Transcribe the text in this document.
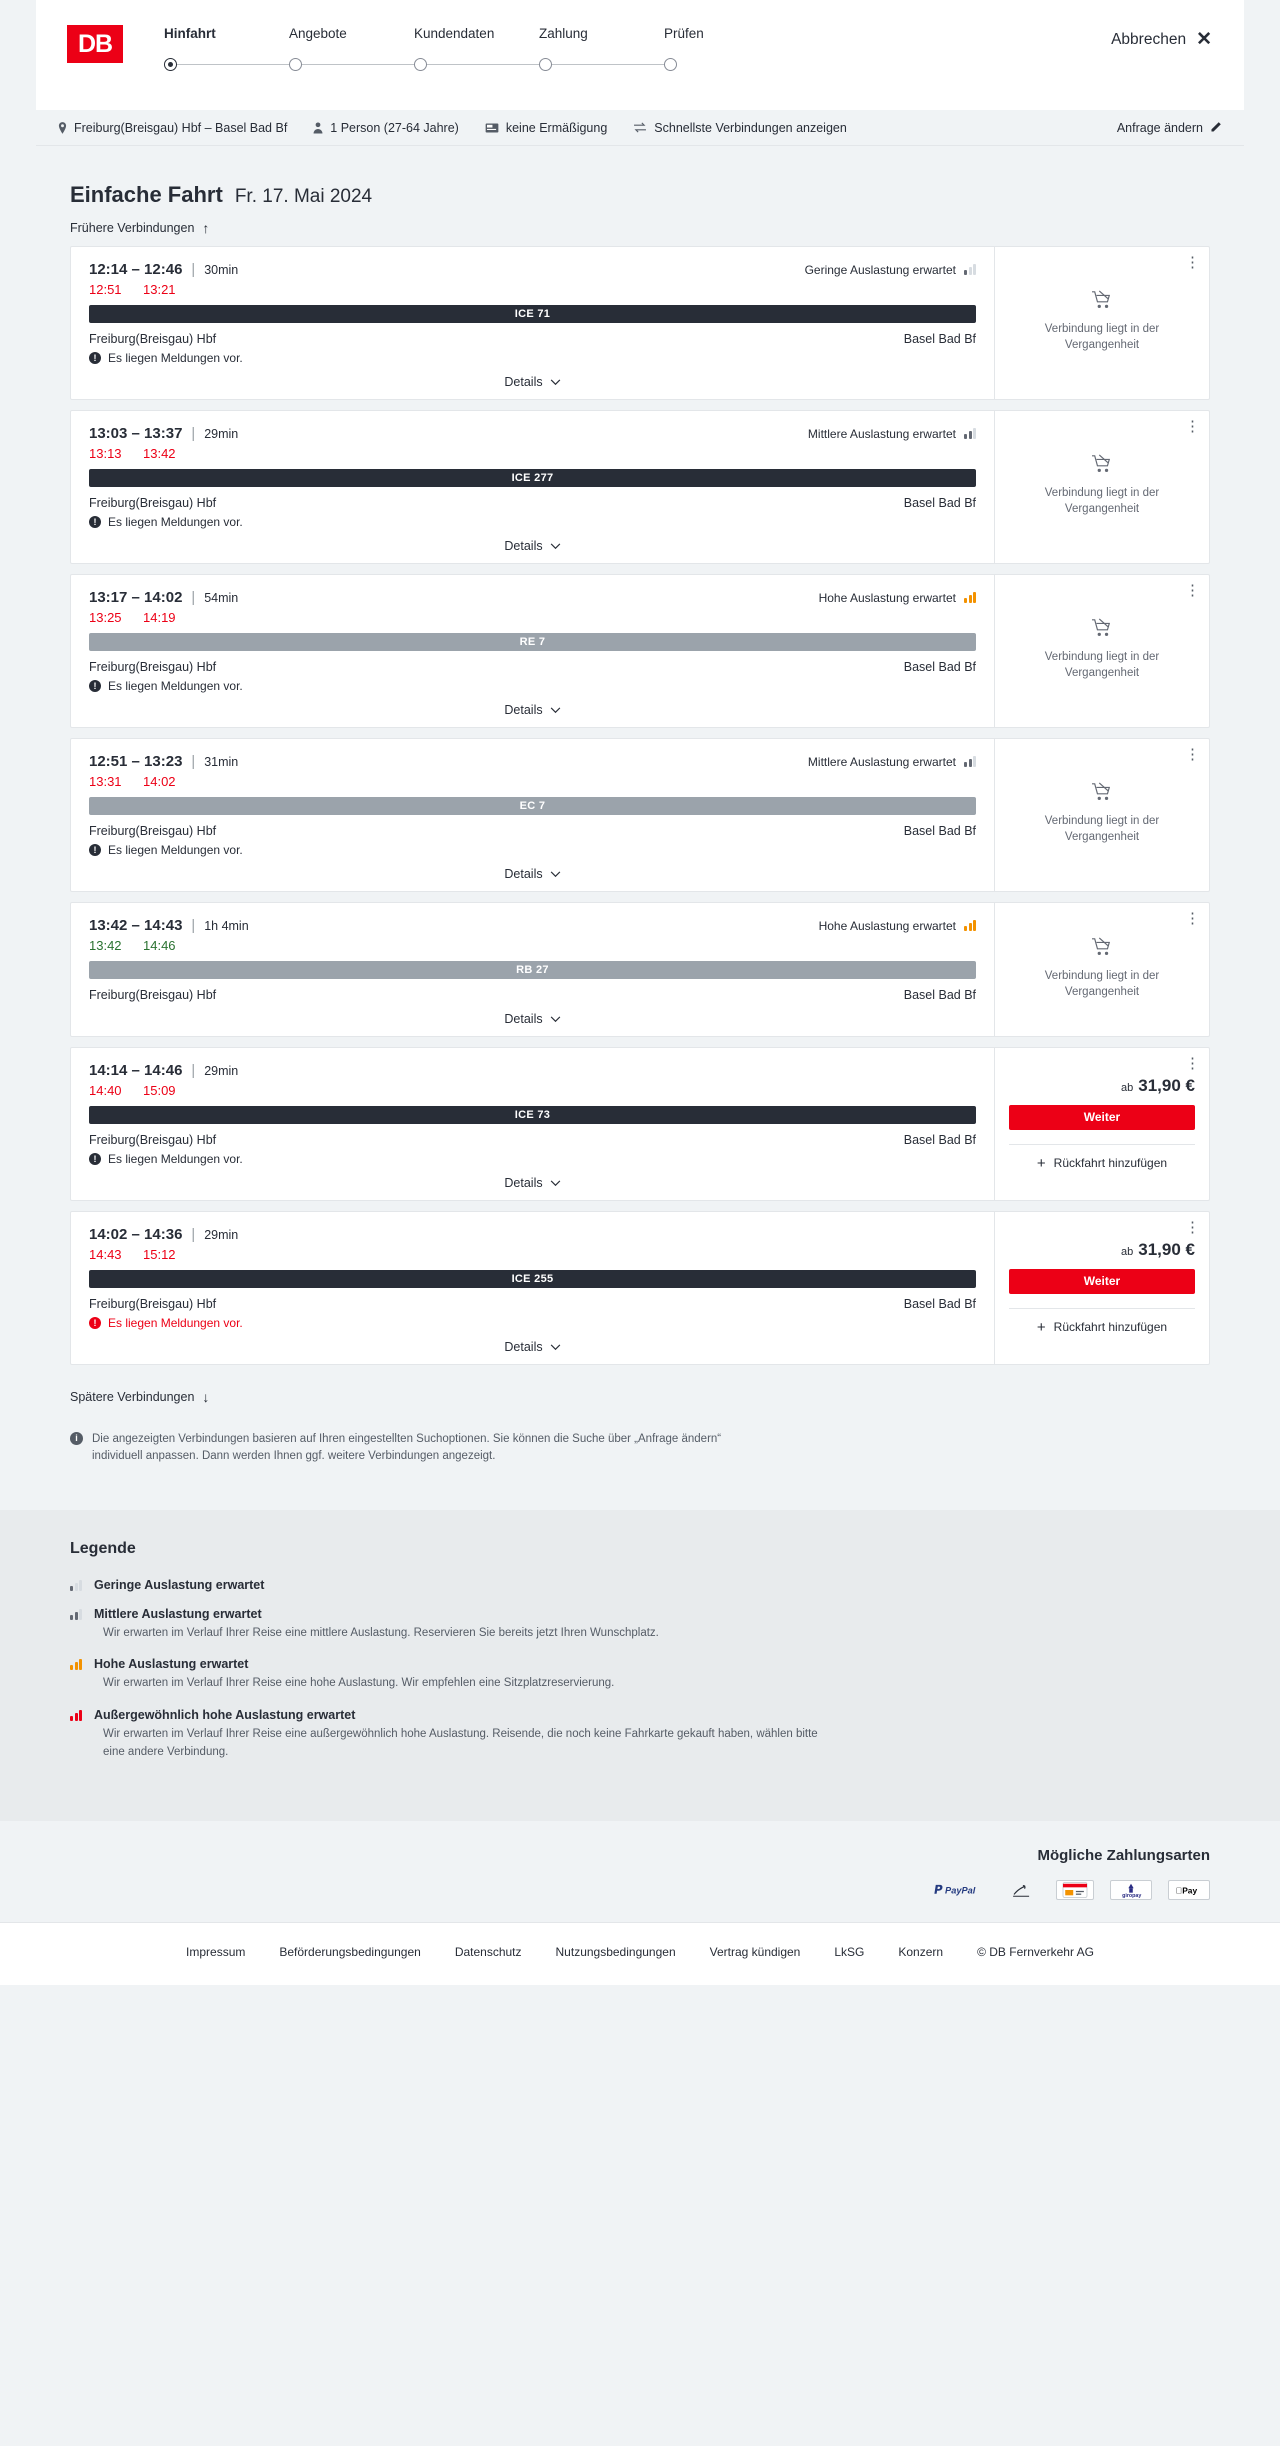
DB	Hinfahrt	Angebote	Kundendaten	Zahlung	Prüfen	Abbrechen ✕
Freiburg(Breisgau) Hbf – Basel Bad Bf	1 Person (27-64 Jahre)	keine Ermäßigung	Schnellste Verbindungen anzeigen	Anfrage ändern
Einfache Fahrt Fr. 17. Mai 2024
Frühere Verbindungen ↑
12:14 – 12:46 | 30min	Geringe Auslastung erwartet
12:51 13:21
ICE 71
Freiburg(Breisgau) Hbf	Basel Bad Bf
! Es liegen Meldungen vor.
Details
⋮
Verbindung liegt in der Vergangenheit
13:03 – 13:37 | 29min	Mittlere Auslastung erwartet
13:13 13:42
ICE 277
Freiburg(Breisgau) Hbf	Basel Bad Bf
! Es liegen Meldungen vor.
Details
⋮
Verbindung liegt in der Vergangenheit
13:17 – 14:02 | 54min	Hohe Auslastung erwartet
13:25 14:19
RE 7
Freiburg(Breisgau) Hbf	Basel Bad Bf
! Es liegen Meldungen vor.
Details
⋮
Verbindung liegt in der Vergangenheit
12:51 – 13:23 | 31min	Mittlere Auslastung erwartet
13:31 14:02
EC 7
Freiburg(Breisgau) Hbf	Basel Bad Bf
! Es liegen Meldungen vor.
Details
⋮
Verbindung liegt in der Vergangenheit
13:42 – 14:43 | 1h 4min	Hohe Auslastung erwartet
13:42 14:46
RB 27
Freiburg(Breisgau) Hbf	Basel Bad Bf
Details
⋮
Verbindung liegt in der Vergangenheit
14:14 – 14:46 | 29min
14:40 15:09
ICE 73
Freiburg(Breisgau) Hbf	Basel Bad Bf
! Es liegen Meldungen vor.
Details
⋮
ab 31,90 €
Weiter
+ Rückfahrt hinzufügen
14:02 – 14:36 | 29min
14:43 15:12
ICE 255
Freiburg(Breisgau) Hbf	Basel Bad Bf
! Es liegen Meldungen vor.
Details
⋮
ab 31,90 €
Weiter
+ Rückfahrt hinzufügen
Spätere Verbindungen ↓
i	Die angezeigten Verbindungen basieren auf Ihren eingestellten Suchoptionen. Sie können die Suche über „Anfrage ändern“ individuell anpassen. Dann werden Ihnen ggf. weitere Verbindungen angezeigt.
Legende
Geringe Auslastung erwartet
Mittlere Auslastung erwartet
Wir erwarten im Verlauf Ihrer Reise eine mittlere Auslastung. Reservieren Sie bereits jetzt Ihren Wunschplatz.
Hohe Auslastung erwartet
Wir erwarten im Verlauf Ihrer Reise eine hohe Auslastung. Wir empfehlen eine Sitzplatzreservierung.
Außergewöhnlich hohe Auslastung erwartet
Wir erwarten im Verlauf Ihrer Reise eine außergewöhnlich hohe Auslastung. Reisende, die noch keine Fahrkarte gekauft haben, wählen bitte eine andere Verbindung.
Mögliche Zahlungsarten
PayPal
giropay
Pay
Impressum	Beförderungsbedingungen	Datenschutz	Nutzungsbedingungen	Vertrag kündigen	LkSG	Konzern	© DB Fernverkehr AG
